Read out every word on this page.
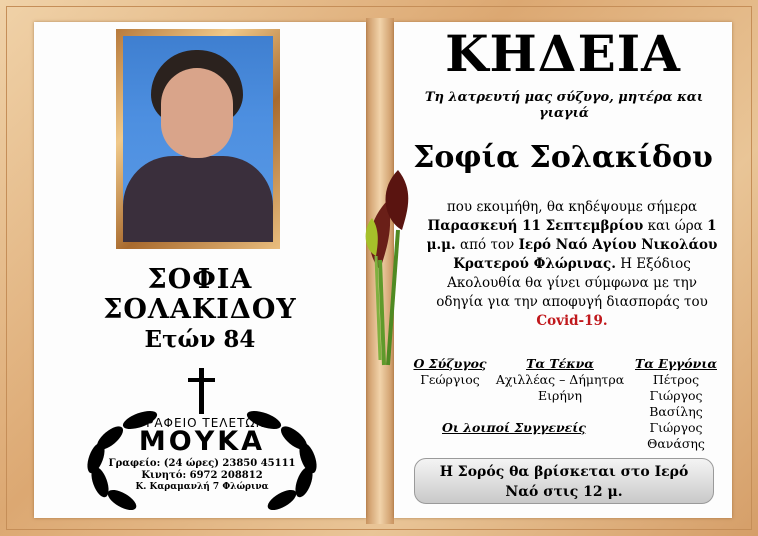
ΣΟΦΙΑ
ΣΟΛΑΚΙΔΟΥ
Ετών 84
ΓΡΑΦΕΙΟ ΤΕΛΕΤΩΝ
ΜΟΥΚΑ
Γραφείο: (24 ώρες) 23850 45111
Κινητό: 6972 208812
Κ. Καραμανλή 7 Φλώρινα
ΚΗΔΕΙΑ
Τη λατρευτή μας σύζυγο, μητέρα και γιαγιά
Σοφία Σολακίδου
που εκοιμήθη, θα κηδέψουμε σήμερα Παρασκευή 11 Σεπτεμβρίου και ώρα 1 μ.μ. από τον Ιερό Ναό Αγίου Νικολάου Κρατερού Φλώρινας. Η Εξόδιος Ακολουθία θα γίνει σύμφωνα με την οδηγία για την αποφυγή διασποράς του Covid-19.
Ο Σύζυγος
Γεώργιος
Τα Τέκνα
Αχιλλέας – Δήμητρα
Ειρήνη
Τα Εγγόνια
Πέτρος
Γιώργος
Βασίλης
Γιώργος
Θανάσης
Οι λοιποί Συγγενείς
Η Σορός θα βρίσκεται στο Ιερό
Ναό στις 12 μ.
